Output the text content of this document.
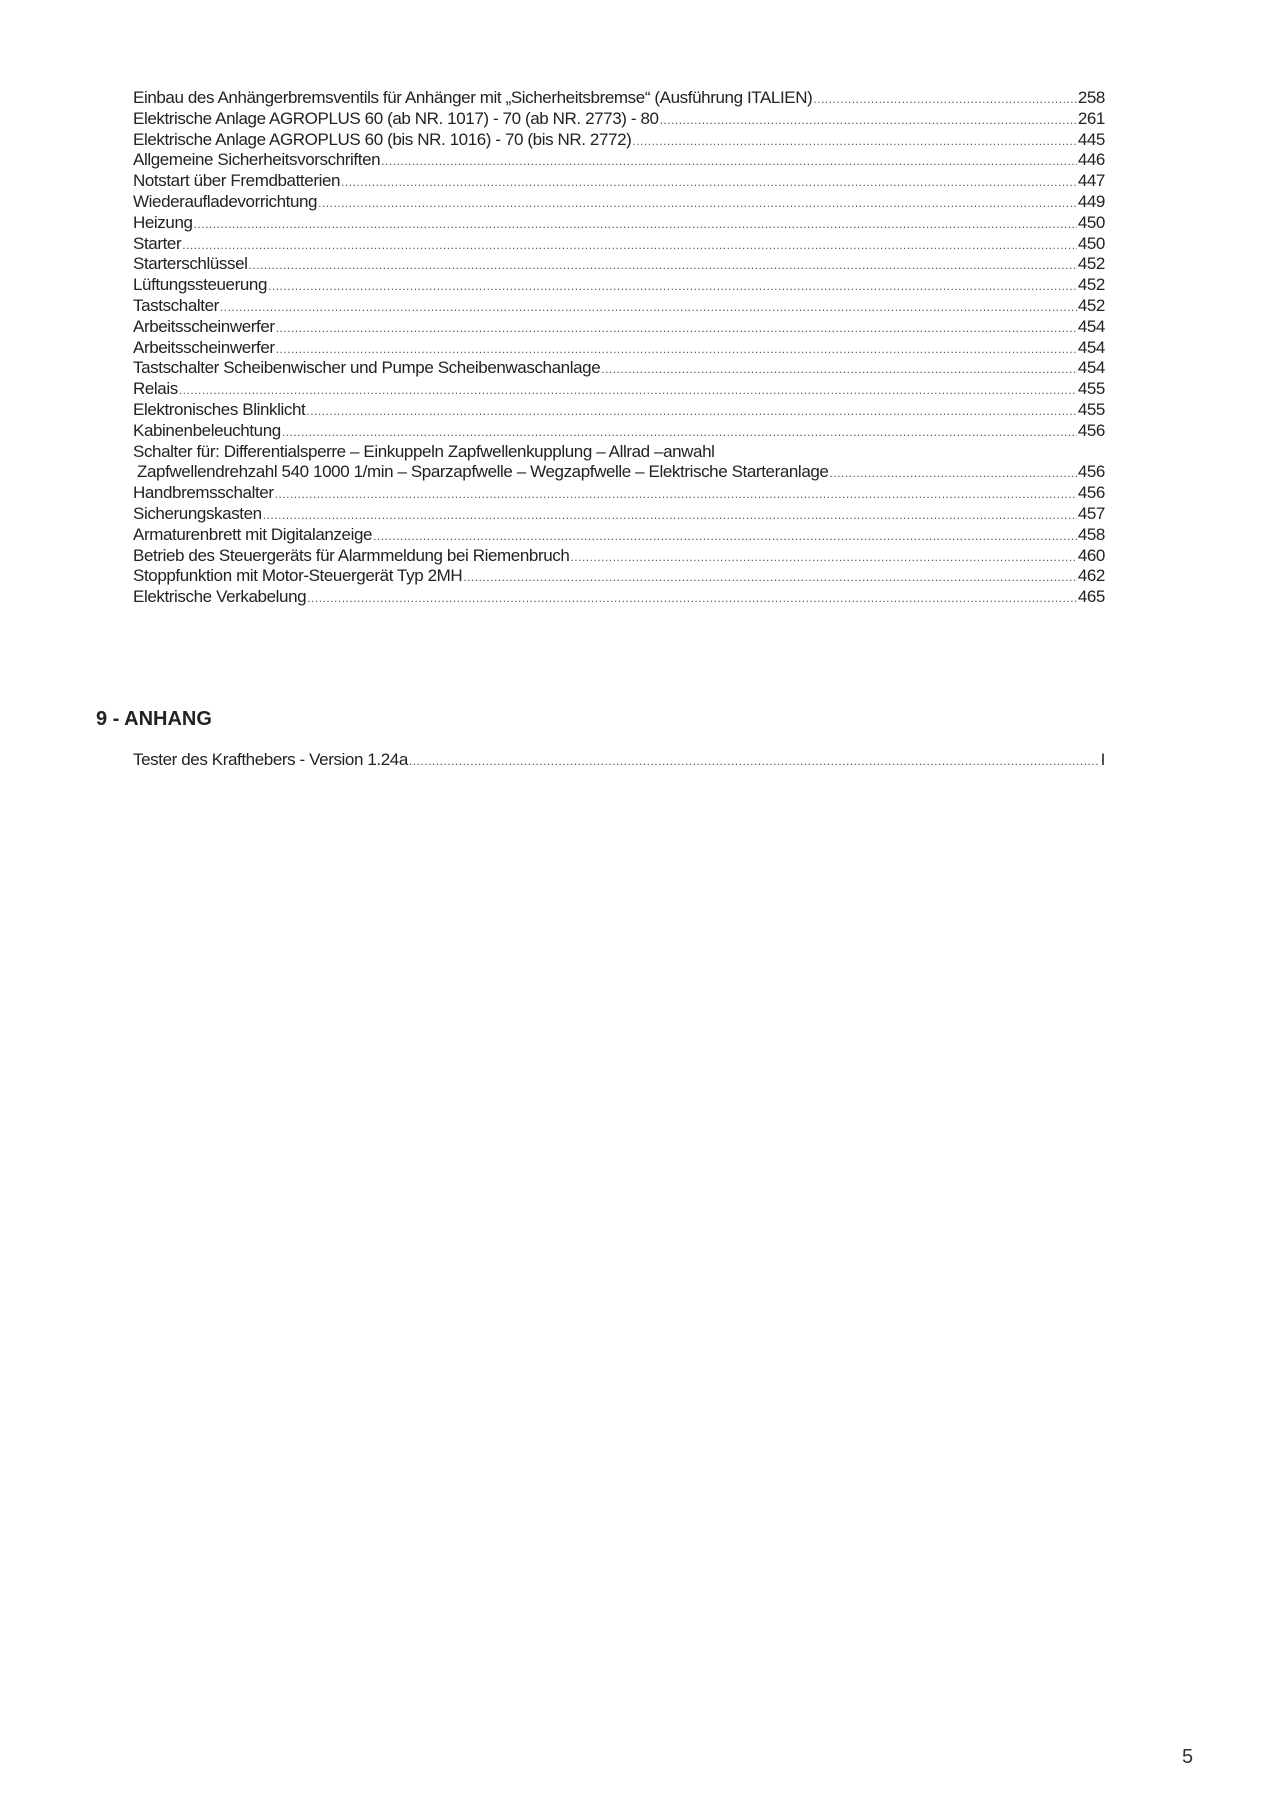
Einbau des Anhängerbremsventils für Anhänger mit „Sicherheitsbremse“ (Ausführung ITALIEN) .....	258
Elektrische Anlage AGROPLUS 60 (ab NR. 1017) - 70 (ab NR. 2773) - 80 .....	261
Elektrische Anlage AGROPLUS 60 (bis NR. 1016) - 70 (bis NR. 2772) .....	445
Allgemeine Sicherheitsvorschriften .....	446
Notstart über Fremdbatterien .....	447
Wiederaufladevorrichtung .....	449
Heizung .....	450
Starter .....	450
Starterschlüssel .....	452
Lüftungssteuerung .....	452
Tastschalter .....	452
Arbeitsscheinwerfer .....	454
Arbeitsscheinwerfer .....	454
Tastschalter Scheibenwischer und Pumpe Scheibenwaschanlage .....	454
Relais .....	455
Elektronisches Blinklicht .....	455
Kabinenbeleuchtung .....	456
Schalter für: Differentialsperre – Einkuppeln Zapfwellenkupplung – Allrad –anwahl
Zapfwellendrehzahl 540 1000 1/min – Sparzapfwelle – Wegzapfwelle – Elektrische Starteranlage .....	456
Handbremsschalter .....	456
Sicherungskasten .....	457
Armaturenbrett mit Digitalanzeige .....	458
Betrieb des Steuergeräts für Alarmmeldung bei Riemenbruch .....	460
Stoppfunktion mit Motor-Steuergerät Typ 2MH .....	462
Elektrische Verkabelung .....	465
9 - ANHANG
Tester des Krafthebers - Version 1.24a .....	I
5
